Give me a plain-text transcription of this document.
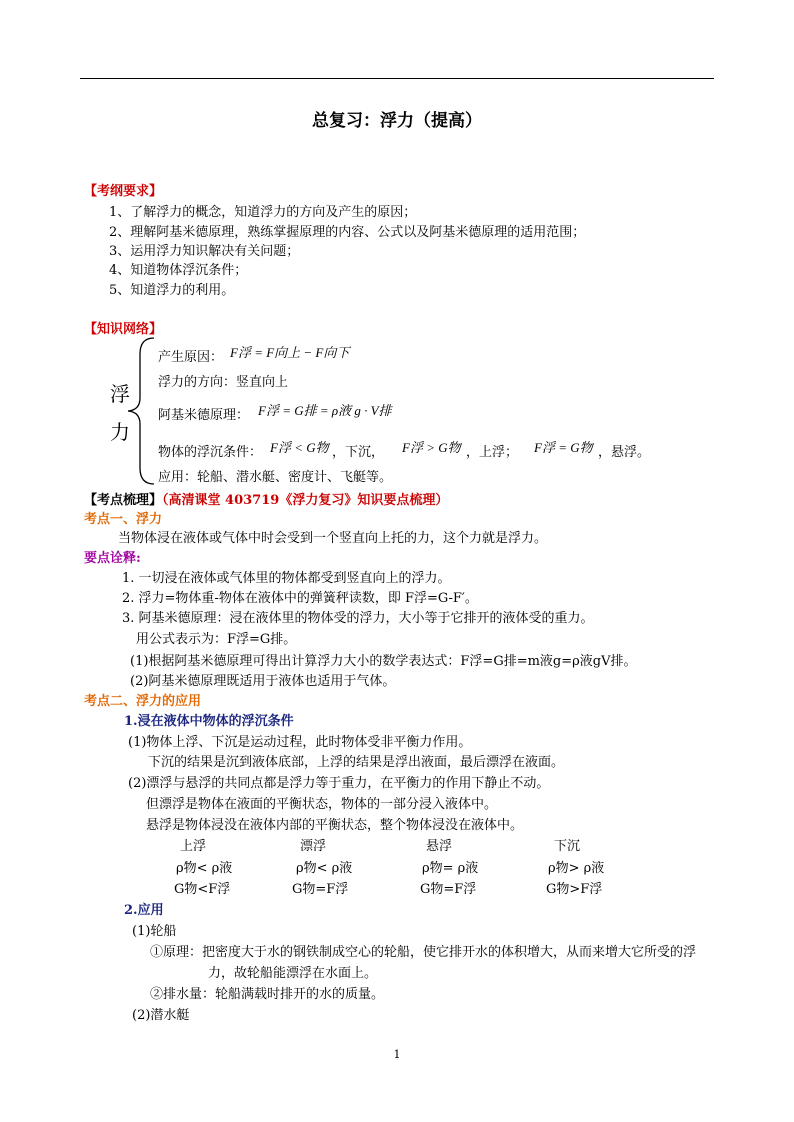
总复习：浮力（提高）
【考纲要求】
1、了解浮力的概念，知道浮力的方向及产生的原因；
2、理解阿基米德原理，熟练掌握原理的内容、公式以及阿基米德原理的适用范围；
3、运用浮力知识解决有关问题；
4、知道物体浮沉条件；
5、知道浮力的利用。
【知识网络】
浮
力
产生原因： F浮 = F向上 − F向下
浮力的方向：竖直向上
阿基米德原理： F浮 = G排 = ρ液 g · V排
物体的浮沉条件： F浮 < G物 ，下沉， F浮 > G物 ，上浮； F浮 = G物 ，悬浮。
应用：轮船、潜水艇、密度计、飞艇等。
【考点梳理】（高清课堂 403719《浮力复习》知识要点梳理）
考点一、浮力
当物体浸在液体或气体中时会受到一个竖直向上托的力，这个力就是浮力。
要点诠释:
1. 一切浸在液体或气体里的物体都受到竖直向上的浮力。
2. 浮力=物体重-物体在液体中的弹簧秤读数，即 F浮=G-F′。
3. 阿基米德原理：浸在液体里的物体受的浮力，大小等于它排开的液体受的重力。
用公式表示为：F浮=G排。
(1)根据阿基米德原理可得出计算浮力大小的数学表达式：F浮=G排=m液g=ρ液gV排。
(2)阿基米德原理既适用于液体也适用于气体。
考点二、浮力的应用
1.浸在液体中物体的浮沉条件
(1)物体上浮、下沉是运动过程，此时物体受非平衡力作用。
下沉的结果是沉到液体底部，上浮的结果是浮出液面，最后漂浮在液面。
(2)漂浮与悬浮的共同点都是浮力等于重力，在平衡力的作用下静止不动。
但漂浮是物体在液面的平衡状态，物体的一部分浸入液体中。
悬浮是物体浸没在液体内部的平衡状态，整个物体浸没在液体中。
上浮	漂浮	悬浮	下沉
ρ物< ρ液	ρ物< ρ液	ρ物= ρ液	ρ物> ρ液
G物<F浮	G物=F浮	G物=F浮	G物>F浮
2.应用
(1)轮船
①原理：把密度大于水的钢铁制成空心的轮船，使它排开水的体积增大，从而来增大它所受的浮
力，故轮船能漂浮在水面上。
②排水量：轮船满载时排开的水的质量。
(2)潜水艇
1
